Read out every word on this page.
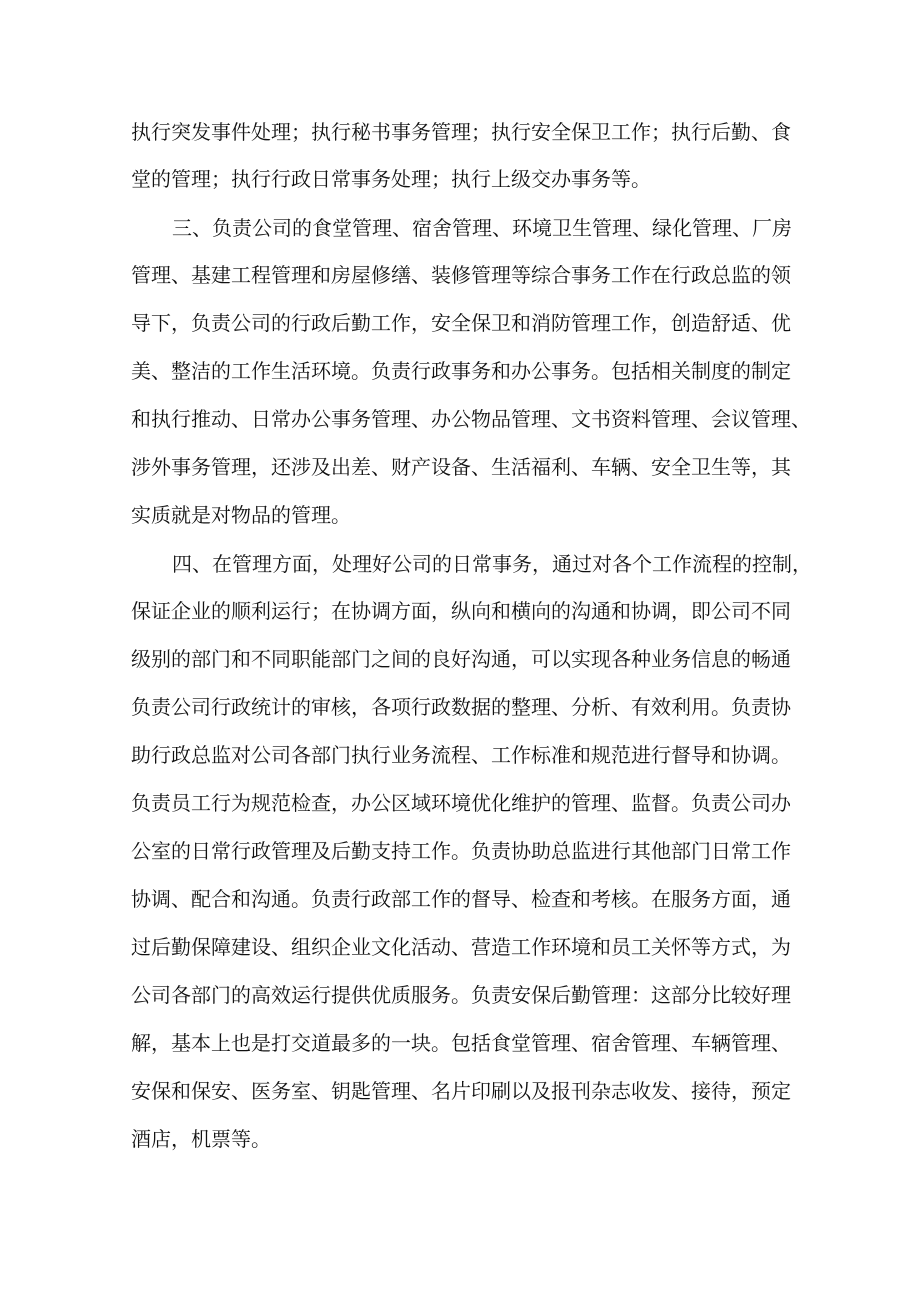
执行突发事件处理；执行秘书事务管理；执行安全保卫工作；执行后勤、食

堂的管理；执行行政日常事务处理；执行上级交办事务等。

三、负责公司的食堂管理、宿舍管理、环境卫生管理、绿化管理、厂房

管理、基建工程管理和房屋修缮、装修管理等综合事务工作在行政总监的领

导下，负责公司的行政后勤工作，安全保卫和消防管理工作，创造舒适、优

美、整洁的工作生活环境。负责行政事务和办公事务。包括相关制度的制定

和执行推动、日常办公事务管理、办公物品管理、文书资料管理、会议管理、

涉外事务管理，还涉及出差、财产设备、生活福利、车辆、安全卫生等，其

实质就是对物品的管理。

四、在管理方面，处理好公司的日常事务，通过对各个工作流程的控制，

保证企业的顺利运行；在协调方面，纵向和横向的沟通和协调，即公司不同

级别的部门和不同职能部门之间的良好沟通，可以实现各种业务信息的畅通

负责公司行政统计的审核，各项行政数据的整理、分析、有效利用。负责协

助行政总监对公司各部门执行业务流程、工作标准和规范进行督导和协调。

负责员工行为规范检查，办公区域环境优化维护的管理、监督。负责公司办

公室的日常行政管理及后勤支持工作。负责协助总监进行其他部门日常工作

协调、配合和沟通。负责行政部工作的督导、检查和考核。在服务方面，通

过后勤保障建设、组织企业文化活动、营造工作环境和员工关怀等方式，为

公司各部门的高效运行提供优质服务。负责安保后勤管理：这部分比较好理

解，基本上也是打交道最多的一块。包括食堂管理、宿舍管理、车辆管理、

安保和保安、医务室、钥匙管理、名片印刷以及报刊杂志收发、接待，预定

酒店，机票等。
